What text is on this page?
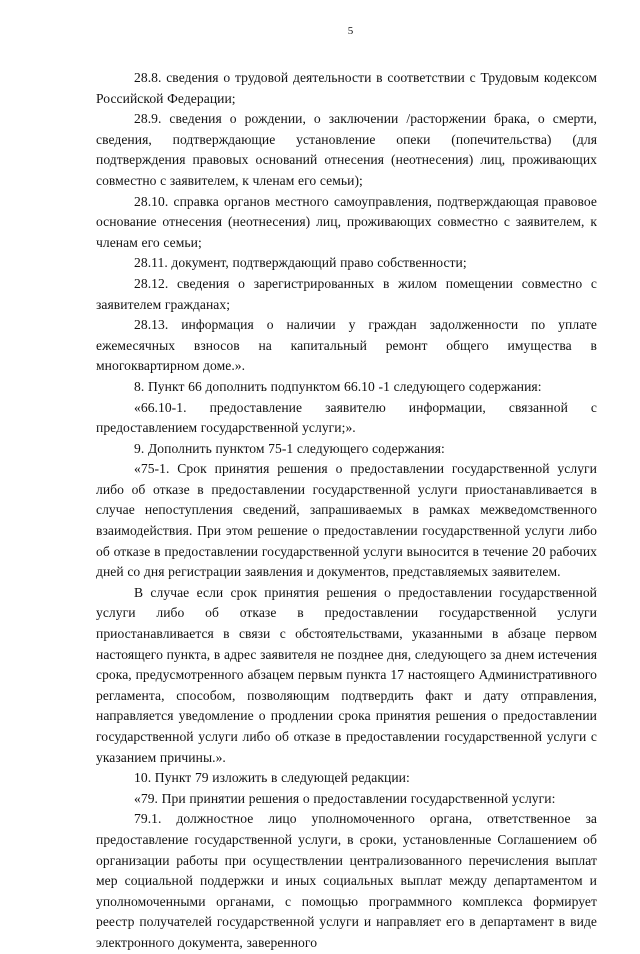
5

28.8. сведения о трудовой деятельности в соответствии с Трудовым кодексом Российской Федерации;

28.9. сведения о рождении, о заключении /расторжении брака, о смерти, сведения, подтверждающие установление опеки (попечительства) (для подтверждения правовых оснований отнесения (неотнесения) лиц, проживающих совместно с заявителем, к членам его семьи);

28.10. справка органов местного самоуправления, подтверждающая правовое основание отнесения (неотнесения) лиц, проживающих совместно с заявителем, к членам его семьи;

28.11. документ, подтверждающий право собственности;

28.12. сведения о зарегистрированных в жилом помещении совместно с заявителем гражданах;

28.13. информация о наличии у граждан задолженности по уплате ежемесячных взносов на капитальный ремонт общего имущества в многоквартирном доме.».

8. Пункт 66 дополнить подпунктом 66.10 -1 следующего содержания:

«66.10-1. предоставление заявителю информации, связанной с предоставлением государственной услуги;».

9. Дополнить пунктом 75-1 следующего содержания:

«75-1. Срок принятия решения о предоставлении государственной услуги либо об отказе в предоставлении государственной услуги приостанавливается в случае непоступления сведений, запрашиваемых в рамках межведомственного взаимодействия. При этом решение о предоставлении государственной услуги либо об отказе в предоставлении государственной услуги выносится в течение 20 рабочих дней со дня регистрации заявления и документов, представляемых заявителем.

В случае если срок принятия решения о предоставлении государственной услуги либо об отказе в предоставлении государственной услуги приостанавливается в связи с обстоятельствами, указанными в абзаце первом настоящего пункта, в адрес заявителя не позднее дня, следующего за днем истечения срока, предусмотренного абзацем первым пункта 17 настоящего Административного регламента, способом, позволяющим подтвердить факт и дату отправления, направляется уведомление о продлении срока принятия решения о предоставлении государственной услуги либо об отказе в предоставлении государственной услуги с указанием причины.».

10. Пункт 79 изложить в следующей редакции:

«79. При принятии решения о предоставлении государственной услуги:

79.1. должностное лицо уполномоченного органа, ответственное за предоставление государственной услуги, в сроки, установленные Соглашением об организации работы при осуществлении централизованного перечисления выплат мер социальной поддержки и иных социальных выплат между департаментом и уполномоченными органами, с помощью программного комплекса формирует реестр получателей государственной услуги и направляет его в департамент в виде электронного документа, заверенного
